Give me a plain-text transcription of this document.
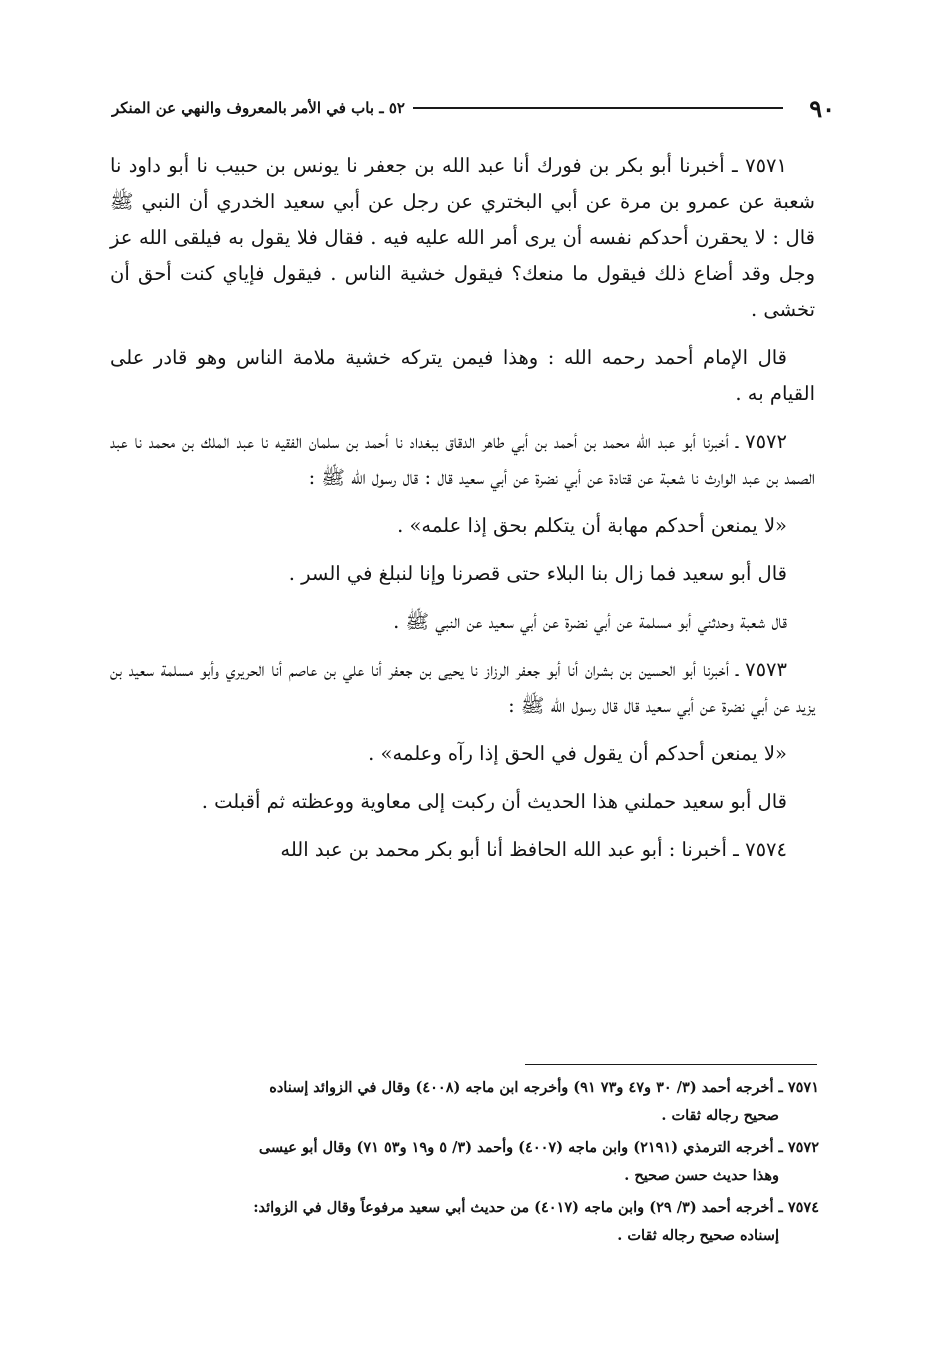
٩٠
٥٢ ـ باب في الأمر بالمعروف والنهي عن المنكر

٧٥٧١ ـ أخبرنا أبو بكر بن فورك أنا عبد الله بن جعفر نا يونس بن حبيب نا أبو داود نا شعبة عن عمرو بن مرة عن أبي البختري عن رجل عن أبي سعيد الخدري أن النبي ﷺ قال : لا يحقرن أحدكم نفسه أن يرى أمر الله عليه فيه . فقال فلا يقول به فيلقى الله عز وجل وقد أضاع ذلك فيقول ما منعك؟ فيقول خشية الناس . فيقول فإياي كنت أحق أن تخشى .

قال الإمام أحمد رحمه الله : وهذا فيمن يتركه خشية ملامة الناس وهو قادر على القيام به .

٧٥٧٢ ـ أخبرنا أبو عبد الله محمد بن أحمد بن أبي طاهر الدقاق ببغداد نا أحمد بن سلمان الفقيه نا عبد الملك بن محمد نا عبد الصمد بن عبد الوارث نا شعبة عن قتادة عن أبي نضرة عن أبي سعيد قال : قال رسول الله ﷺ :

«لا يمنعن أحدكم مهابة أن يتكلم بحق إذا علمه» .

قال أبو سعيد فما زال بنا البلاء حتى قصرنا وإنا لنبلغ في السر .

قال شعبة وحدثني أبو مسلمة عن أبي نضرة عن أبي سعيد عن النبي ﷺ .

٧٥٧٣ ـ أخبرنا أبو الحسين بن بشران أنا أبو جعفر الرزاز نا يحيى بن جعفر أنا علي بن عاصم أنا الحريري وأبو مسلمة سعيد بن يزيد عن أبي نضرة عن أبي سعيد قال قال رسول الله ﷺ :

«لا يمنعن أحدكم أن يقول في الحق إذا رآه وعلمه» .

قال أبو سعيد حملني هذا الحديث أن ركبت إلى معاوية ووعظته ثم أقبلت .

٧٥٧٤ ـ أخبرنا : أبو عبد الله الحافظ أنا أبو بكر محمد بن عبد الله

٧٥٧١ ـ أخرجه أحمد (٣/ ٣٠ و٤٧ و٧٣ ٩١) وأخرجه ابن ماجه (٤٠٠٨) وقال في الزوائد إسناده
صحيح رجاله ثقات .

٧٥٧٢ ـ أخرجه الترمذي (٢١٩١) وابن ماجه (٤٠٠٧) وأحمد (٣/ ٥ و١٩ و٥٣ ٧١) وقال أبو عيسى
وهذا حديث حسن صحيح .

٧٥٧٤ ـ أخرجه أحمد (٣/ ٢٩) وابن ماجه (٤٠١٧) من حديث أبي سعيد مرفوعاً وقال في الزوائد:
إسناده صحيح رجاله ثقات .
